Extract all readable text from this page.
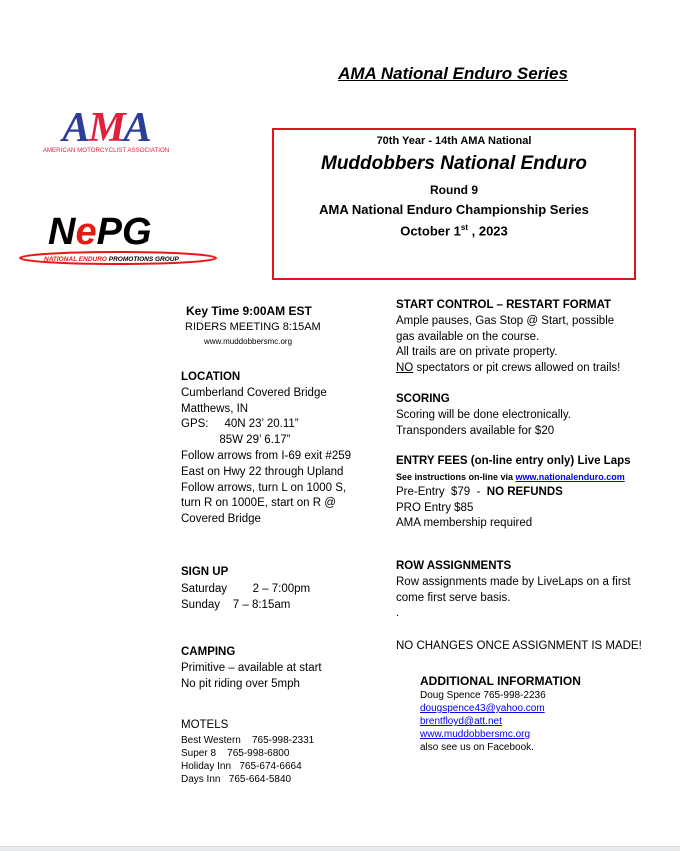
AMA National Enduro Series
AMA
AMERICAN MOTORCYCLIST ASSOCIATION
NePG
NATIONAL ENDURO PROMOTIONS GROUP
70th Year - 14th AMA National
Muddobbers National Enduro
Round 9
AMA National Enduro Championship Series
October 1st , 2023
Key Time 9:00AM EST
RIDERS MEETING 8:15AM
www.muddobbersmc.org
LOCATION
Cumberland Covered Bridge
Matthews, IN
GPS:     40N 23’ 20.11”
85W 29’ 6.17”
Follow arrows from I-69 exit #259
East on Hwy 22 through Upland
Follow arrows, turn L on 1000 S,
turn R on 1000E, start on R @
Covered Bridge
SIGN UP
Saturday        2 – 7:00pm
Sunday    7 – 8:15am
CAMPING
Primitive – available at start
No pit riding over 5mph
MOTELS
Best Western    765-998-2331
Super 8    765-998-6800
Holiday Inn   765-674-6664
Days Inn   765-664-5840
START CONTROL – RESTART FORMAT
Ample pauses, Gas Stop @ Start, possible
gas available on the course.
All trails are on private property.
NO spectators or pit crews allowed on trails!
SCORING
Scoring will be done electronically.
Transponders available for $20
ENTRY FEES (on-line entry only) Live Laps
See instructions on-line via www.nationalenduro.com
Pre-Entry  $79  -  NO REFUNDS
PRO Entry $85
AMA membership required
ROW ASSIGNMENTS
Row assignments made by LiveLaps on a first
come first serve basis.
.
NO CHANGES ONCE ASSIGNMENT IS MADE!
ADDITIONAL INFORMATION
Doug Spence 765-998-2236
dougspence43@yahoo.com
brentfloyd@att.net
www.muddobbersmc.org
also see us on Facebook.
